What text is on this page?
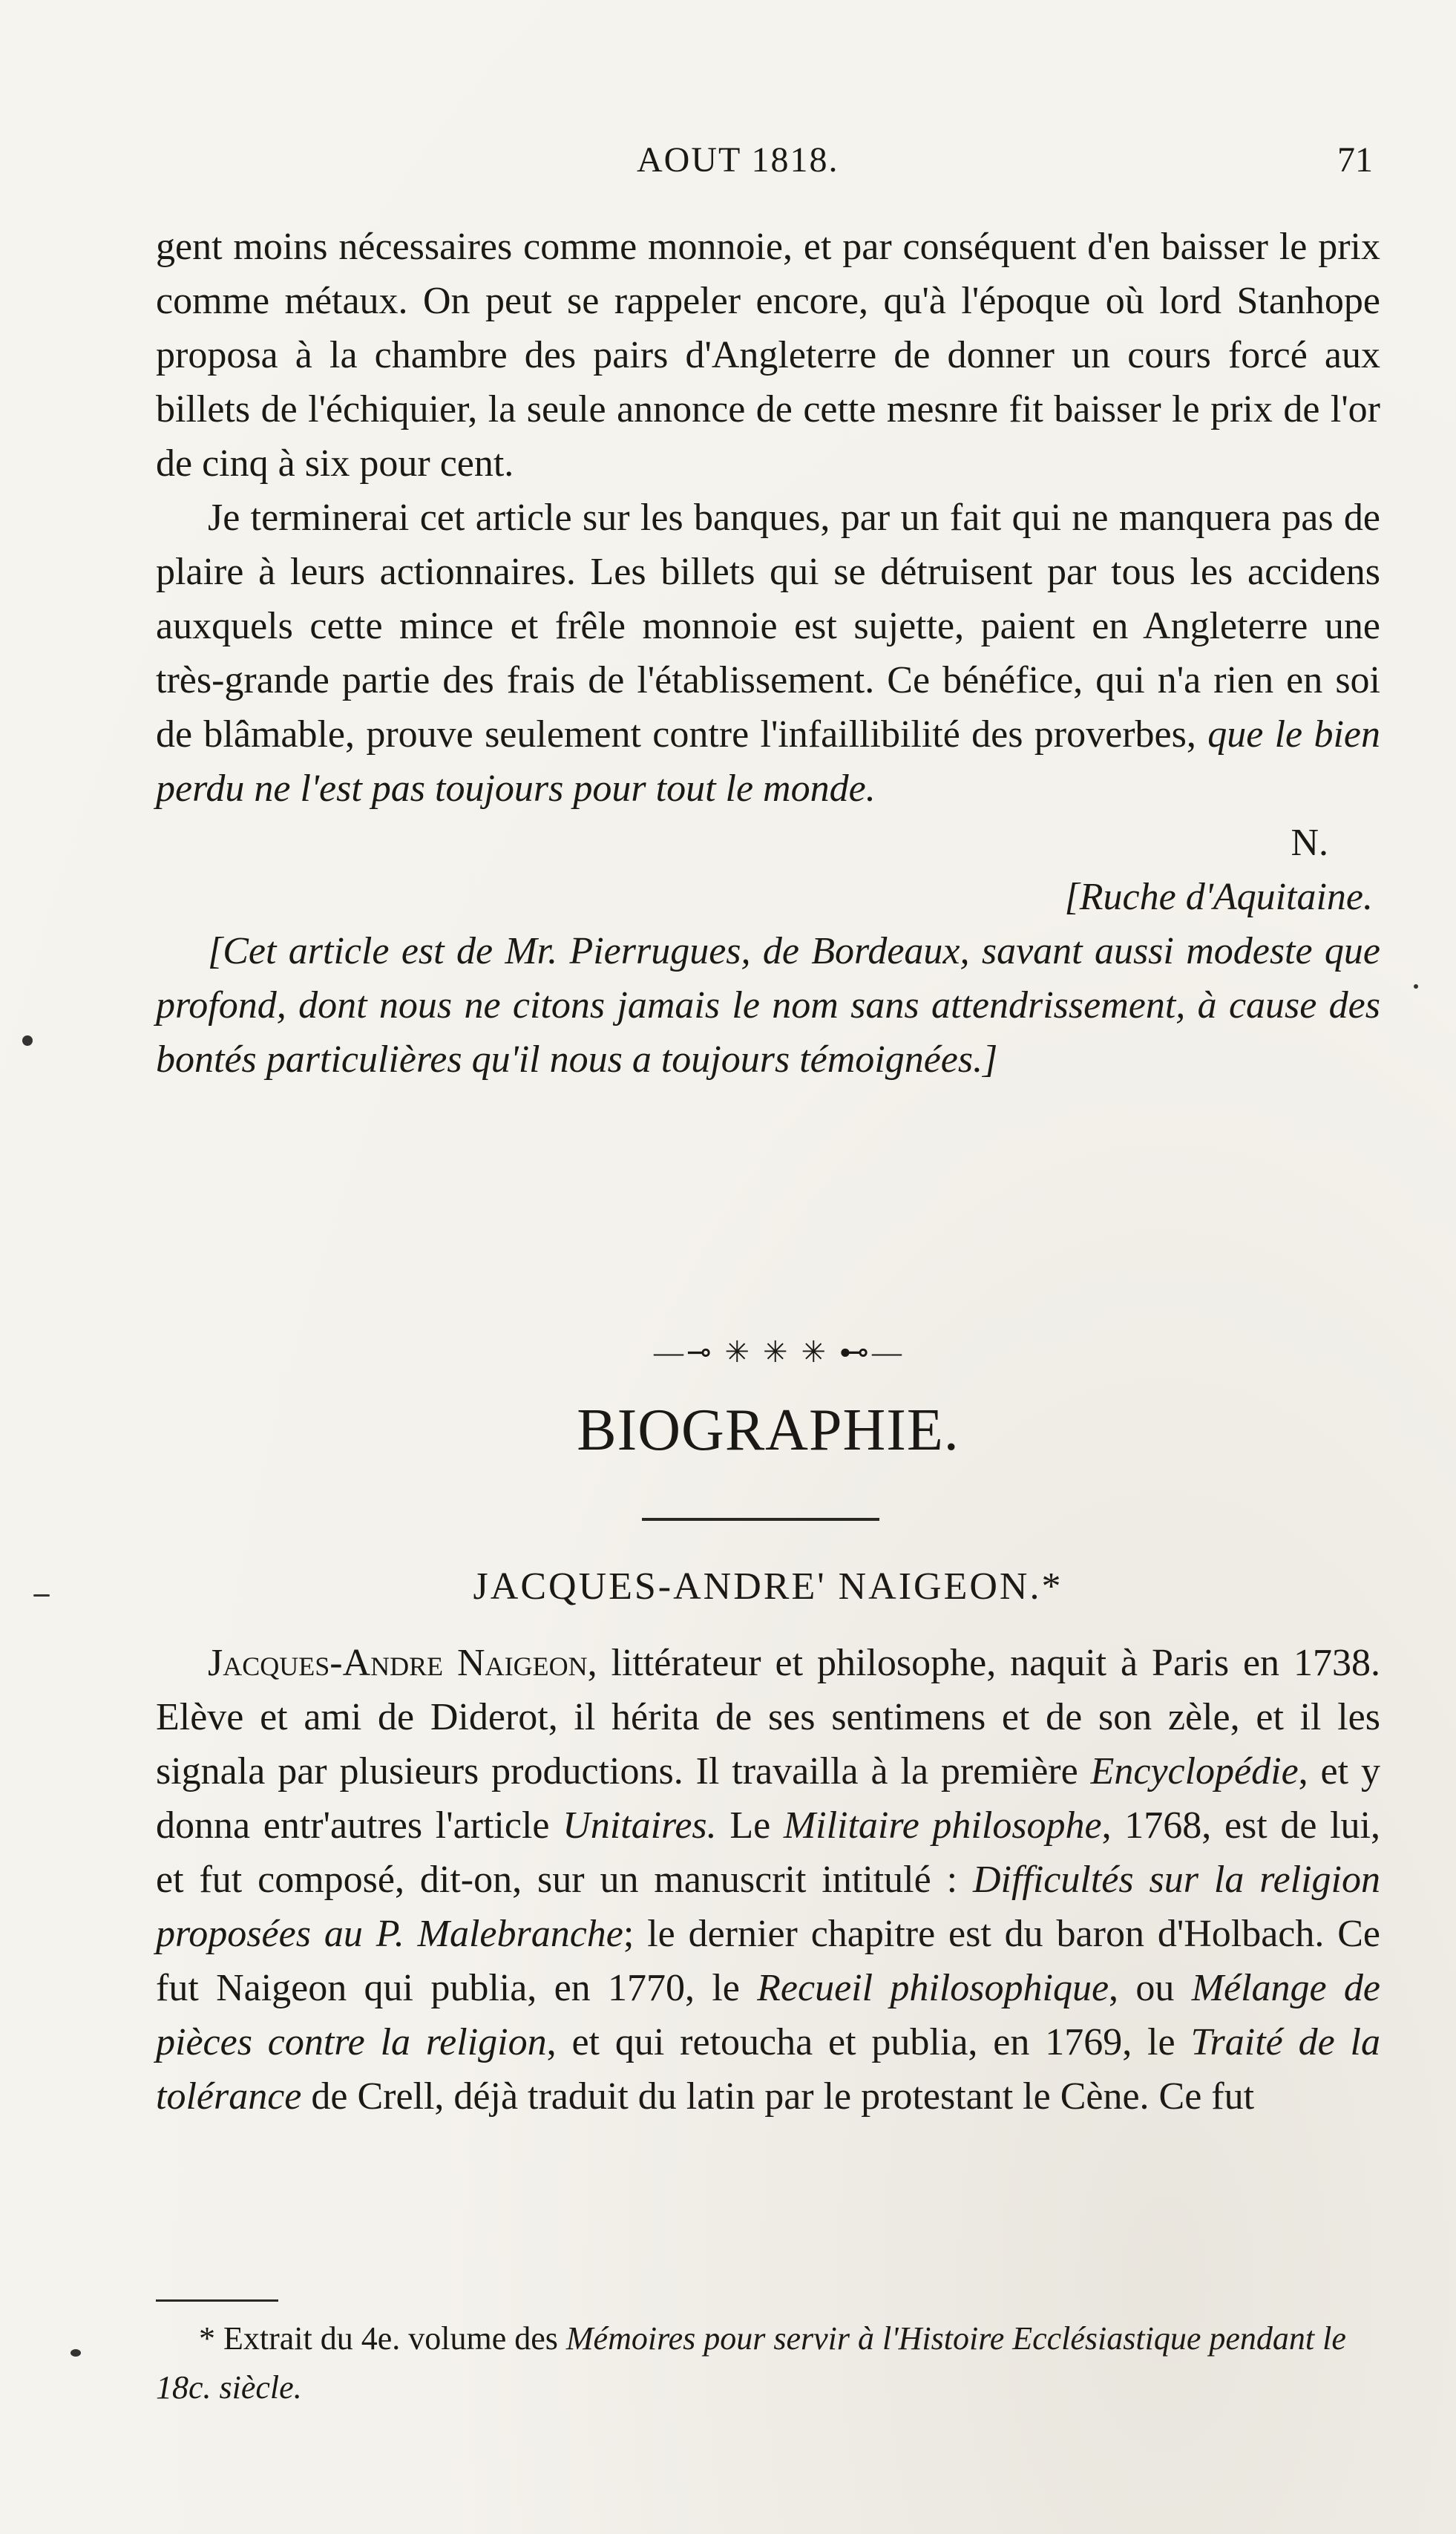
AOUT 1818.	71

gent moins nécessaires comme monnoie, et par conséquent d'en baisser le prix comme métaux. On peut se rappeler encore, qu'à l'époque où lord Stanhope proposa à la chambre des pairs d'Angleterre de donner un cours forcé aux billets de l'échiquier, la seule annonce de cette mesnre fit baisser le prix de l'or de cinq à six pour cent.

Je terminerai cet article sur les banques, par un fait qui ne manquera pas de plaire à leurs actionnaires. Les billets qui se détruisent par tous les accidens auxquels cette mince et frêle monnoie est sujette, paient en Angleterre une très-grande partie des frais de l'établissement. Ce bénéfice, qui n'a rien en soi de blâmable, prouve seulement contre l'infaillibilité des proverbes, que le bien perdu ne l'est pas toujours pour tout le monde.

N.

[Ruche d'Aquitaine.

[Cet article est de Mr. Pierrugues, de Bordeaux, savant aussi modeste que profond, dont nous ne citons jamais le nom sans attendrissement, à cause des bontés particulières qu'il nous a toujours témoignées.]

—⊸ ✳ ✳ ✳ ⊷—
BIOGRAPHIE.
JACQUES-ANDRE' NAIGEON.*

Jacques-Andre Naigeon, littérateur et philosophe, naquit à Paris en 1738. Elève et ami de Diderot, il hérita de ses sentimens et de son zèle, et il les signala par plusieurs productions. Il travailla à la première Encyclopédie, et y donna entr'autres l'article Unitaires. Le Militaire philosophe, 1768, est de lui, et fut composé, dit-on, sur un manuscrit intitulé : Difficultés sur la religion proposées au P. Malebranche; le dernier chapitre est du baron d'Holbach. Ce fut Naigeon qui publia, en 1770, le Recueil philosophique, ou Mélange de pièces contre la religion, et qui retoucha et publia, en 1769, le Traité de la tolérance de Crell, déjà traduit du latin par le protestant le Cène. Ce fut

* Extrait du 4e. volume des Mémoires pour servir à l'Histoire Ecclésiastique pendant le 18c. siècle.
